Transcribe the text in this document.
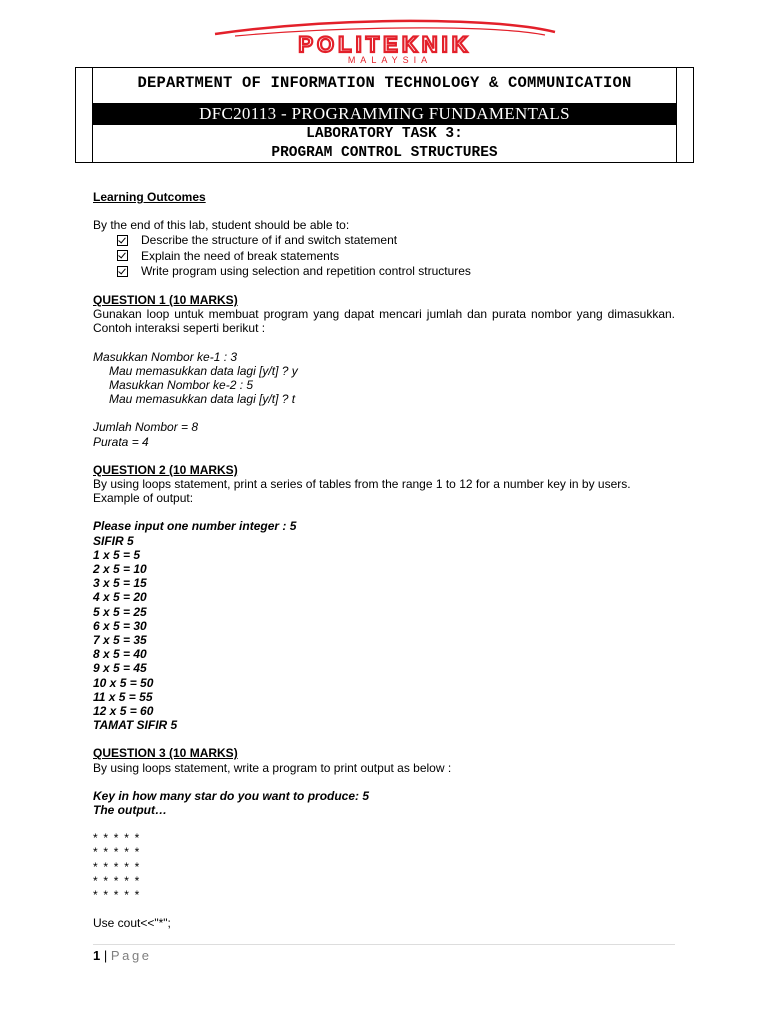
POLITEKNIK
MALAYSIA
DEPARTMENT OF INFORMATION TECHNOLOGY & COMMUNICATION
DFC20113 - PROGRAMMING FUNDAMENTALS
LABORATORY TASK 3:
PROGRAM CONTROL STRUCTURES
Learning Outcomes
By the end of this lab, student should be able to:
Describe the structure of if and switch statement
Explain the need of break statements
Write program using selection and repetition control structures
QUESTION 1 (10 MARKS)
Gunakan loop untuk membuat program yang dapat mencari jumlah dan purata nombor yang dimasukkan. Contoh interaksi seperti berikut :
Masukkan Nombor ke-1 : 3
Mau memasukkan data lagi [y/t] ? y
Masukkan Nombor ke-2 : 5
Mau memasukkan data lagi [y/t] ? t
Jumlah Nombor = 8
Purata = 4
QUESTION 2 (10 MARKS)
By using loops statement, print a series of tables from the range 1 to 12 for a number key in by users. Example of output:
Please input one number integer : 5
SIFIR 5
1 x 5 = 5
2 x 5 = 10
3 x 5 = 15
4 x 5 = 20
5 x 5 = 25
6 x 5 = 30
7 x 5 = 35
8 x 5 = 40
9 x 5 = 45
10 x 5 = 50
11 x 5 = 55
12 x 5 = 60
TAMAT SIFIR 5
QUESTION 3 (10 MARKS)
By using loops statement, write a program to print output as below :
Key in how many star do you want to produce: 5
The output…
* * * * *
* * * * *
* * * * *
* * * * *
* * * * *
Use cout<<"*";
1 | Page
